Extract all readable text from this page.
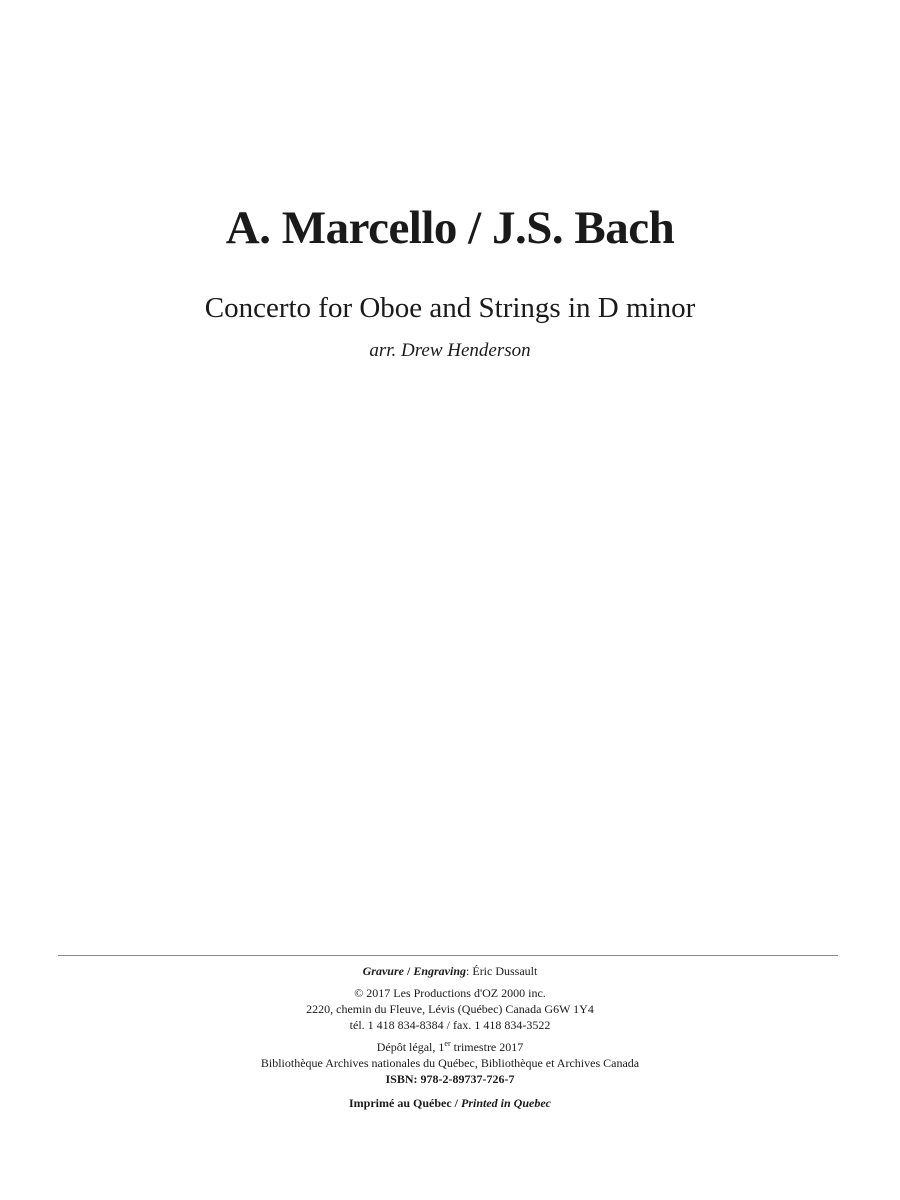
A. Marcello / J.S. Bach
Concerto for Oboe and Strings in D minor
arr. Drew Henderson
Gravure / Engraving: Éric Dussault
© 2017 Les Productions d'OZ 2000 inc.
2220, chemin du Fleuve, Lévis (Québec) Canada G6W 1Y4
tél. 1 418 834-8384 / fax. 1 418 834-3522
Dépôt légal, 1er trimestre 2017
Bibliothèque Archives nationales du Québec, Bibliothèque et Archives Canada
ISBN: 978-2-89737-726-7
Imprimé au Québec / Printed in Quebec
